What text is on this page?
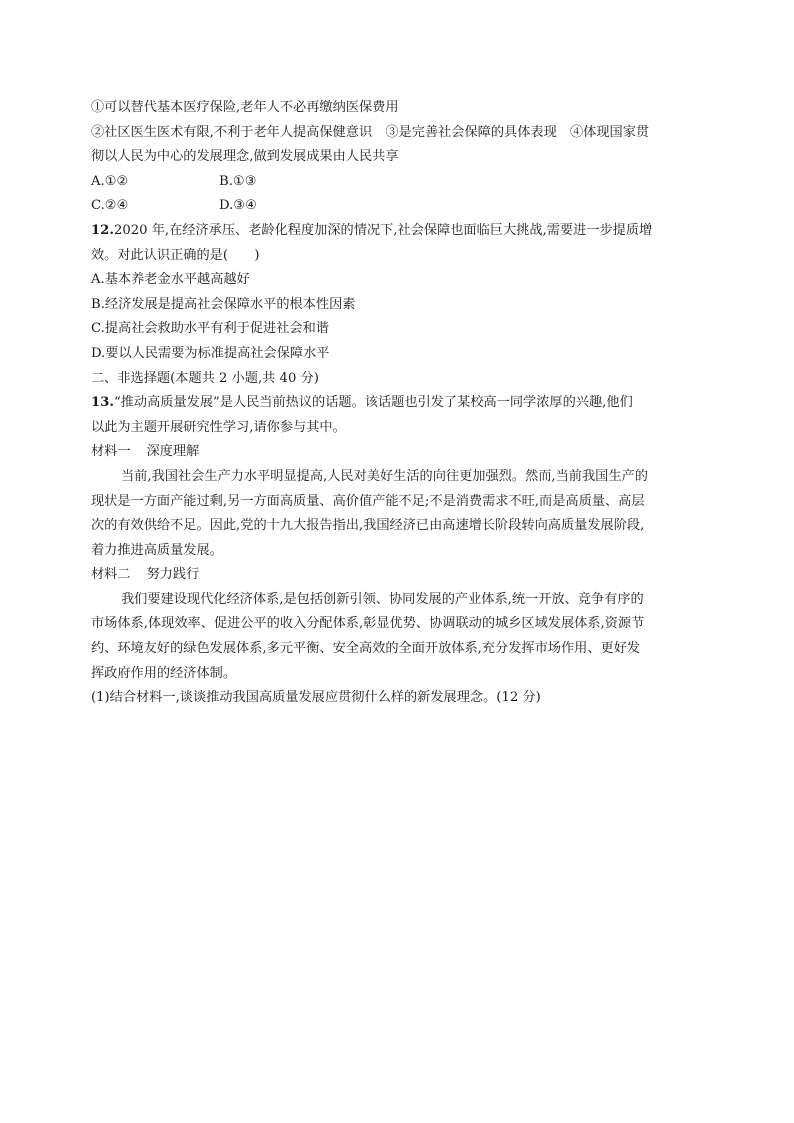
①可以替代基本医疗保险,老年人不必再缴纳医保费用
②社区医生医术有限,不利于老年人提高保健意识　③是完善社会保障的具体表现　④体现国家贯
彻以人民为中心的发展理念,做到发展成果由人民共享
A.①②	B.①③
C.②④	D.③④
12.2020 年,在经济承压、老龄化程度加深的情况下,社会保障也面临巨大挑战,需要进一步提质增
效。对此认识正确的是(　　)
A.基本养老金水平越高越好
B.经济发展是提高社会保障水平的根本性因素
C.提高社会救助水平有利于促进社会和谐
D.要以人民需要为标准提高社会保障水平
二、非选择题(本题共 2 小题,共 40 分)
13.“推动高质量发展”是人民当前热议的话题。该话题也引发了某校高一同学浓厚的兴趣,他们
以此为主题开展研究性学习,请你参与其中。
材料一 深度理解
当前,我国社会生产力水平明显提高,人民对美好生活的向往更加强烈。然而,当前我国生产的
现状是一方面产能过剩,另一方面高质量、高价值产能不足;不是消费需求不旺,而是高质量、高层
次的有效供给不足。因此,党的十九大报告指出,我国经济已由高速增长阶段转向高质量发展阶段,
着力推进高质量发展。
材料二 努力践行
我们要建设现代化经济体系,是包括创新引领、协同发展的产业体系,统一开放、竞争有序的
市场体系,体现效率、促进公平的收入分配体系,彰显优势、协调联动的城乡区域发展体系,资源节
约、环境友好的绿色发展体系,多元平衡、安全高效的全面开放体系,充分发挥市场作用、更好发
挥政府作用的经济体制。
(1)结合材料一,谈谈推动我国高质量发展应贯彻什么样的新发展理念。(12 分)
